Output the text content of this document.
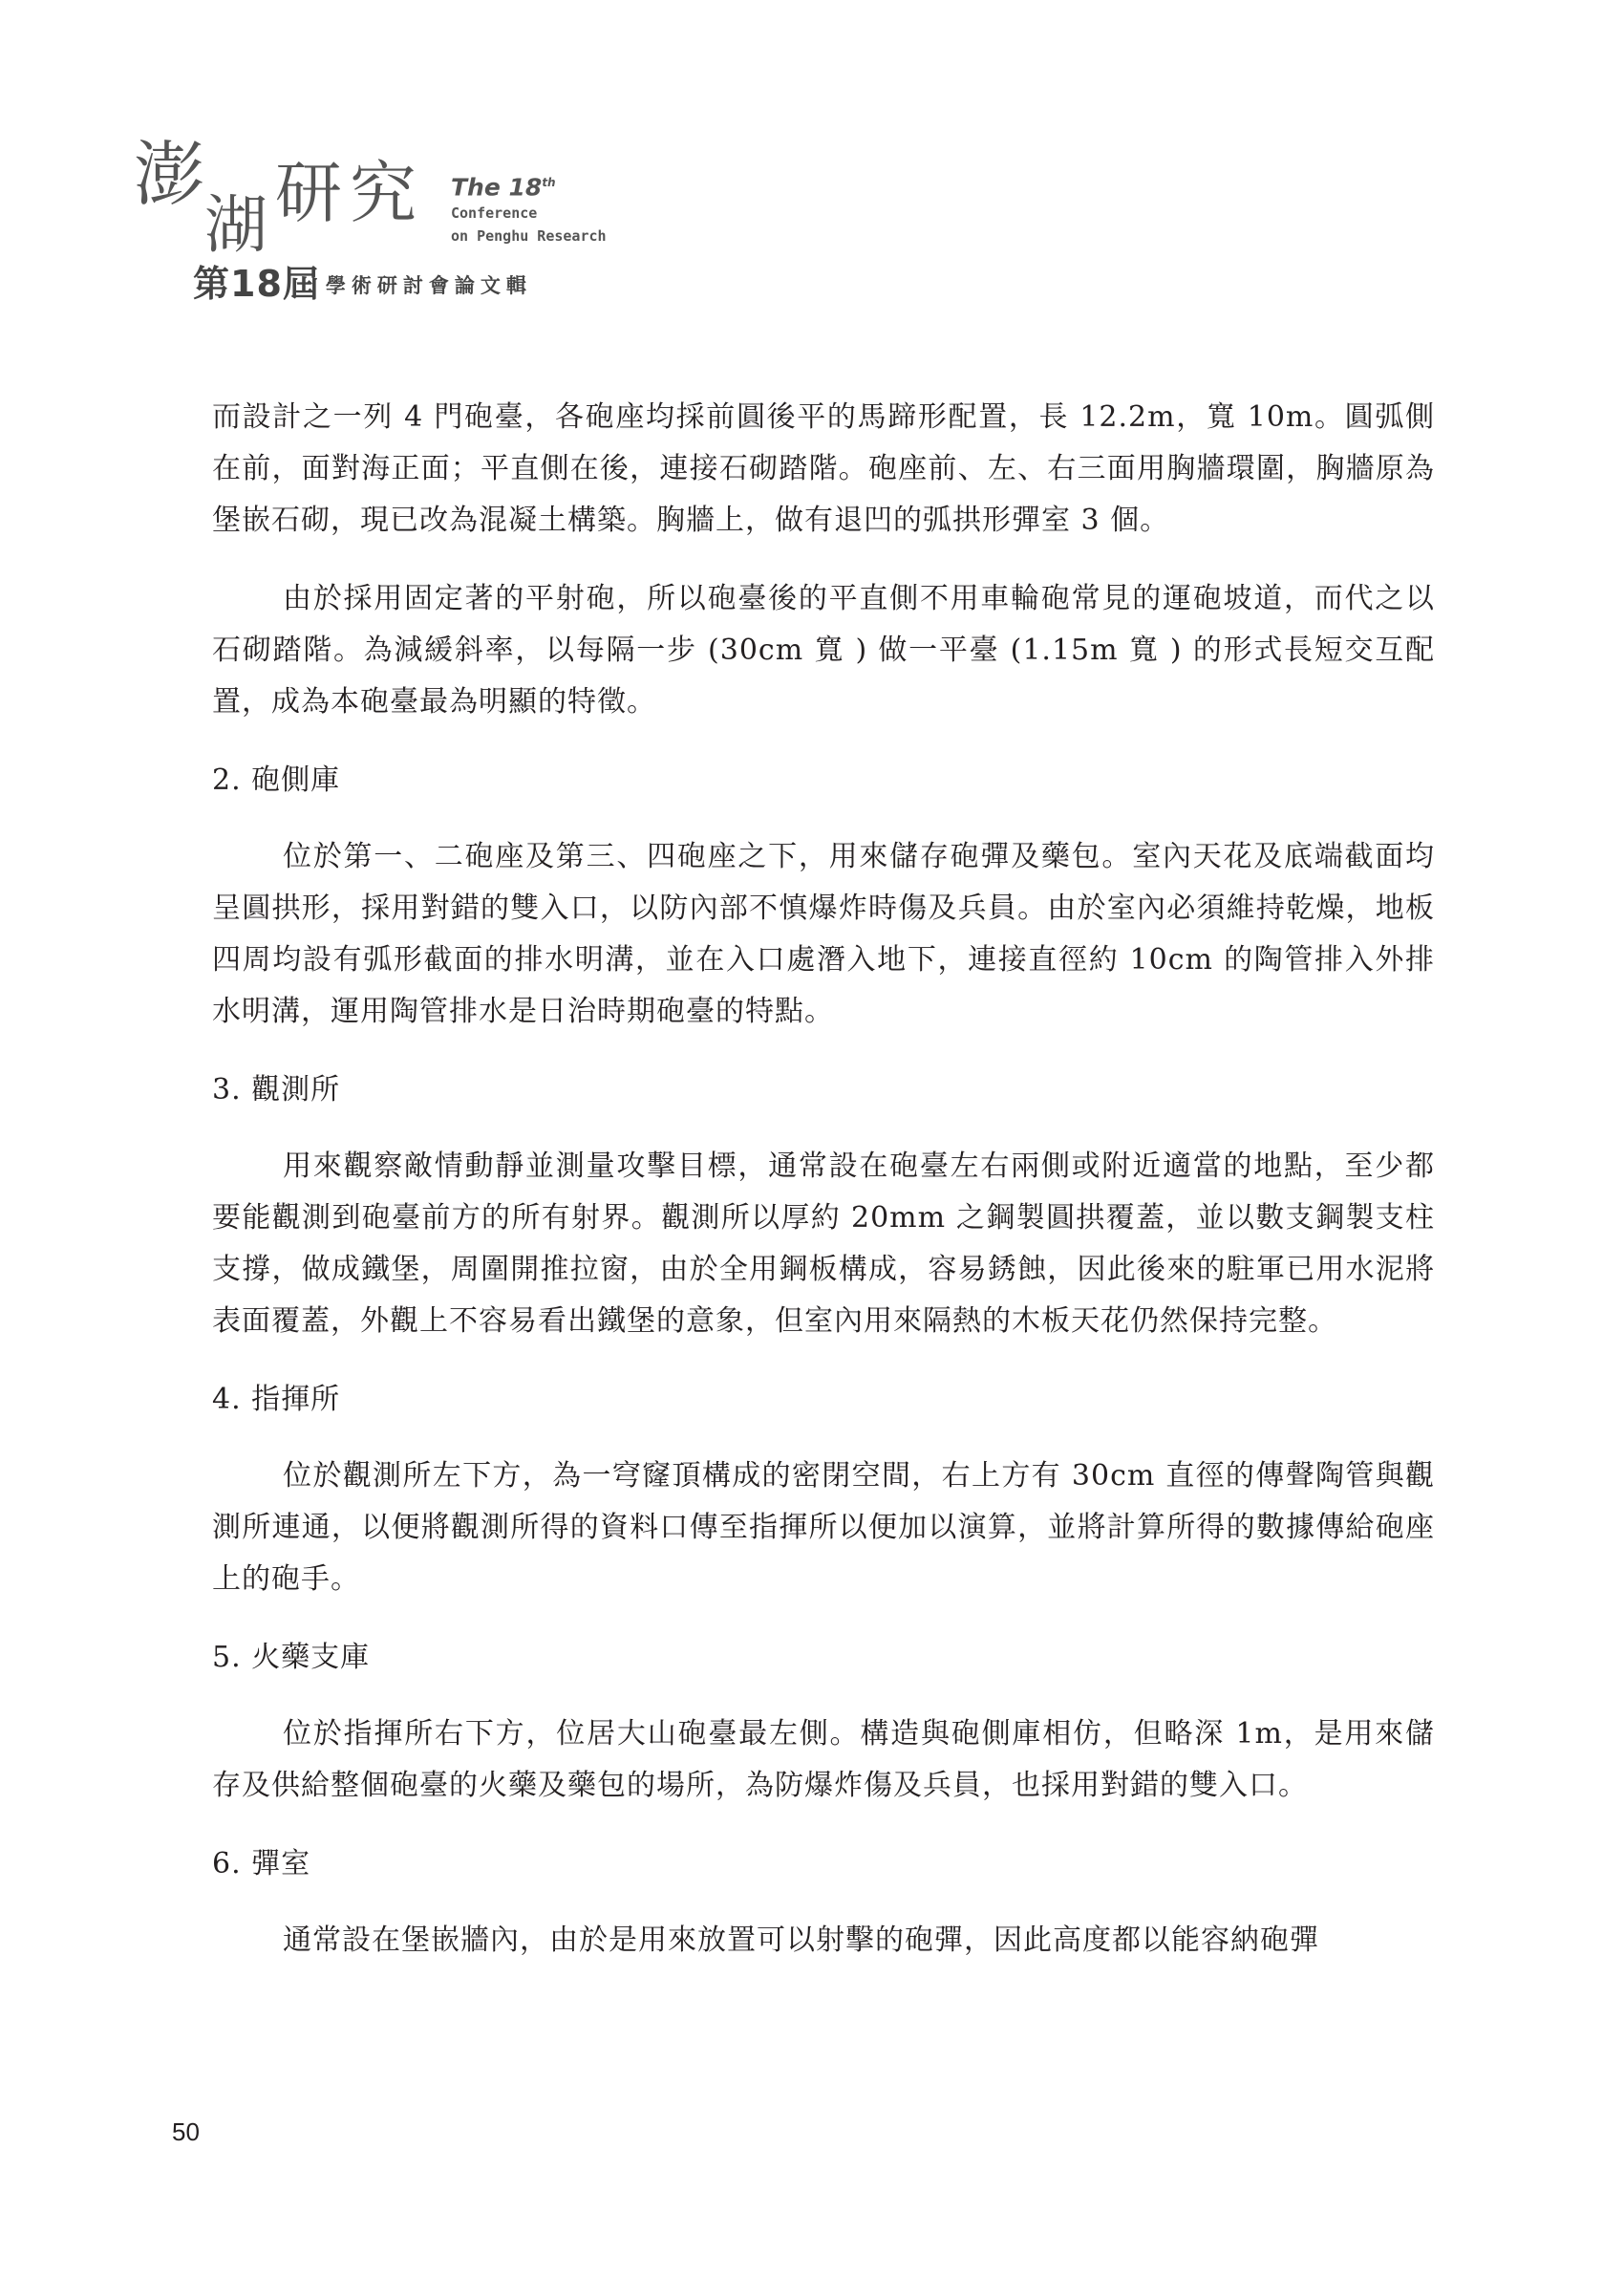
澎
湖 研 究 The 18th
Conference
on Penghu Research
第18屆 學術研討會論文輯

而設計之一列 4 門砲臺，各砲座均採前圓後平的馬蹄形配置，長 12.2m，寬 10m。圓弧側在前，面對海正面；平直側在後，連接石砌踏階。砲座前、左、右三面用胸牆環圍，胸牆原為堡嵌石砌，現已改為混凝土構築。胸牆上，做有退凹的弧拱形彈室 3 個。

由於採用固定著的平射砲，所以砲臺後的平直側不用車輪砲常見的運砲坡道，而代之以石砌踏階。為減緩斜率，以每隔一步 (30cm 寬 ) 做一平臺 (1.15m 寬 ) 的形式長短交互配置，成為本砲臺最為明顯的特徵。

2. 砲側庫

位於第一、二砲座及第三、四砲座之下，用來儲存砲彈及藥包。室內天花及底端截面均呈圓拱形，採用對錯的雙入口，以防內部不慎爆炸時傷及兵員。由於室內必須維持乾燥，地板四周均設有弧形截面的排水明溝，並在入口處潛入地下，連接直徑約 10cm 的陶管排入外排水明溝，運用陶管排水是日治時期砲臺的特點。

3. 觀測所

用來觀察敵情動靜並測量攻擊目標，通常設在砲臺左右兩側或附近適當的地點，至少都要能觀測到砲臺前方的所有射界。觀測所以厚約 20mm 之鋼製圓拱覆蓋，並以數支鋼製支柱支撐，做成鐵堡，周圍開推拉窗，由於全用鋼板構成，容易銹蝕，因此後來的駐軍已用水泥將表面覆蓋，外觀上不容易看出鐵堡的意象，但室內用來隔熱的木板天花仍然保持完整。

4. 指揮所

位於觀測所左下方，為一穹窿頂構成的密閉空間，右上方有 30cm 直徑的傳聲陶管與觀測所連通，以便將觀測所得的資料口傳至指揮所以便加以演算，並將計算所得的數據傳給砲座上的砲手。

5. 火藥支庫

位於指揮所右下方，位居大山砲臺最左側。構造與砲側庫相仿，但略深 1m，是用來儲存及供給整個砲臺的火藥及藥包的場所，為防爆炸傷及兵員，也採用對錯的雙入口。

6. 彈室

通常設在堡嵌牆內，由於是用來放置可以射擊的砲彈，因此高度都以能容納砲彈

50
